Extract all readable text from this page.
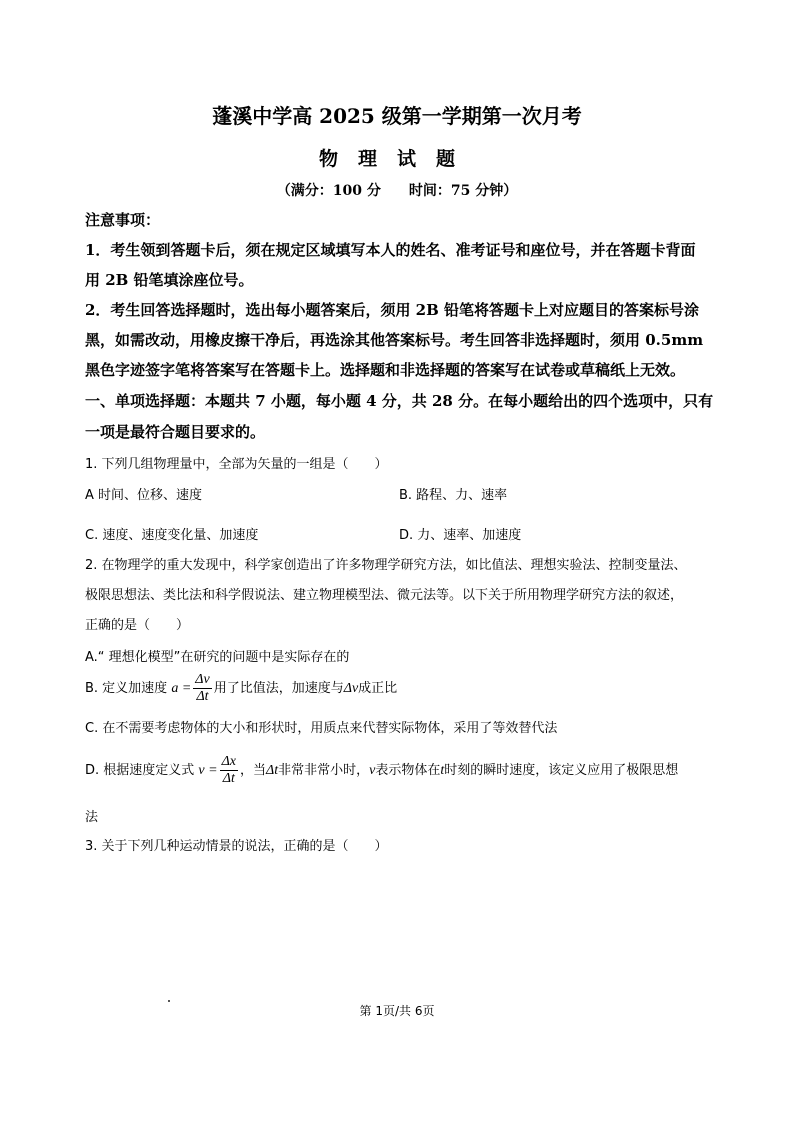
蓬溪中学高 2025 级第一学期第一次月考
物理试题
（满分：100 分　　时间：75 分钟）
注意事项：
1．考生领到答题卡后，须在规定区域填写本人的姓名、准考证号和座位号，并在答题卡背面
用 2B 铅笔填涂座位号。
2．考生回答选择题时，选出每小题答案后，须用 2B 铅笔将答题卡上对应题目的答案标号涂
黑，如需改动，用橡皮擦干净后，再选涂其他答案标号。考生回答非选择题时，须用 0.5mm
黑色字迹签字笔将答案写在答题卡上。选择题和非选择题的答案写在试卷或草稿纸上无效。
一、单项选择题：本题共 7 小题，每小题 4 分，共 28 分。在每小题给出的四个选项中，只有
一项是最符合题目要求的。
1. 下列几组物理量中，全部为矢量的一组是（　　）
A 时间、位移、速度	B. 路程、力、速率
C. 速度、速度变化量、加速度	D. 力、速率、加速度
2. 在物理学的重大发现中，科学家创造出了许多物理学研究方法，如比值法、理想实验法、控制变量法、
极限思想法、类比法和科学假说法、建立物理模型法、微元法等。以下关于所用物理学研究方法的叙述，
正确的是（　　）
A.“ 理想化模型”在研究的问题中是实际存在的
B. 定义加速度 $a = \frac{\Delta v}{\Delta t}$ 用了比值法，加速度与Δv成正比
C. 在不需要考虑物体的大小和形状时，用质点来代替实际物体，采用了等效替代法
D. 根据速度定义式 $v = \frac{\Delta x}{\Delta t}$ ，当Δt非常非常小时，v表示物体在t时刻的瞬时速度，该定义应用了极限思想
法
3. 关于下列几种运动情景的说法，正确的是（　　）
第 1页/共 6页
